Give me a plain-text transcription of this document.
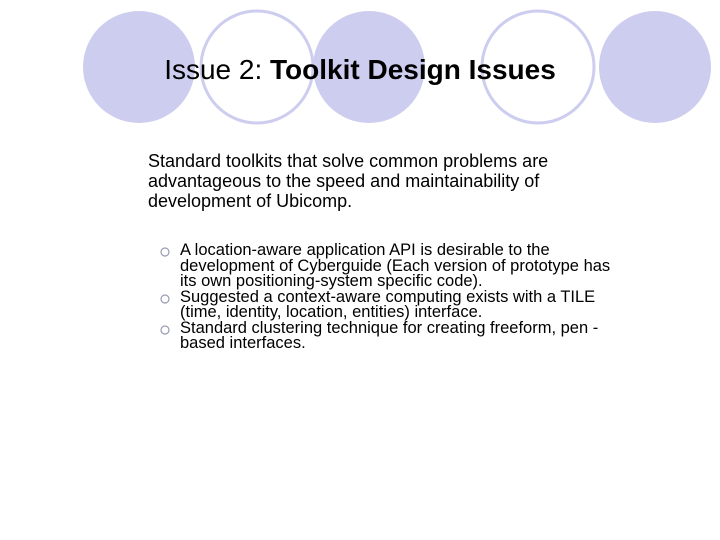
Issue 2: Toolkit Design Issues
Standard toolkits that solve common problems are advantageous to the speed and maintainability of development of Ubicomp.
A location-aware application API is desirable to the development of Cyberguide (Each version of prototype has its own positioning-system specific code).
Suggested a context-aware computing exists with a TILE (time, identity, location, entities) interface.
Standard clustering technique for creating freeform, pen -based interfaces.
